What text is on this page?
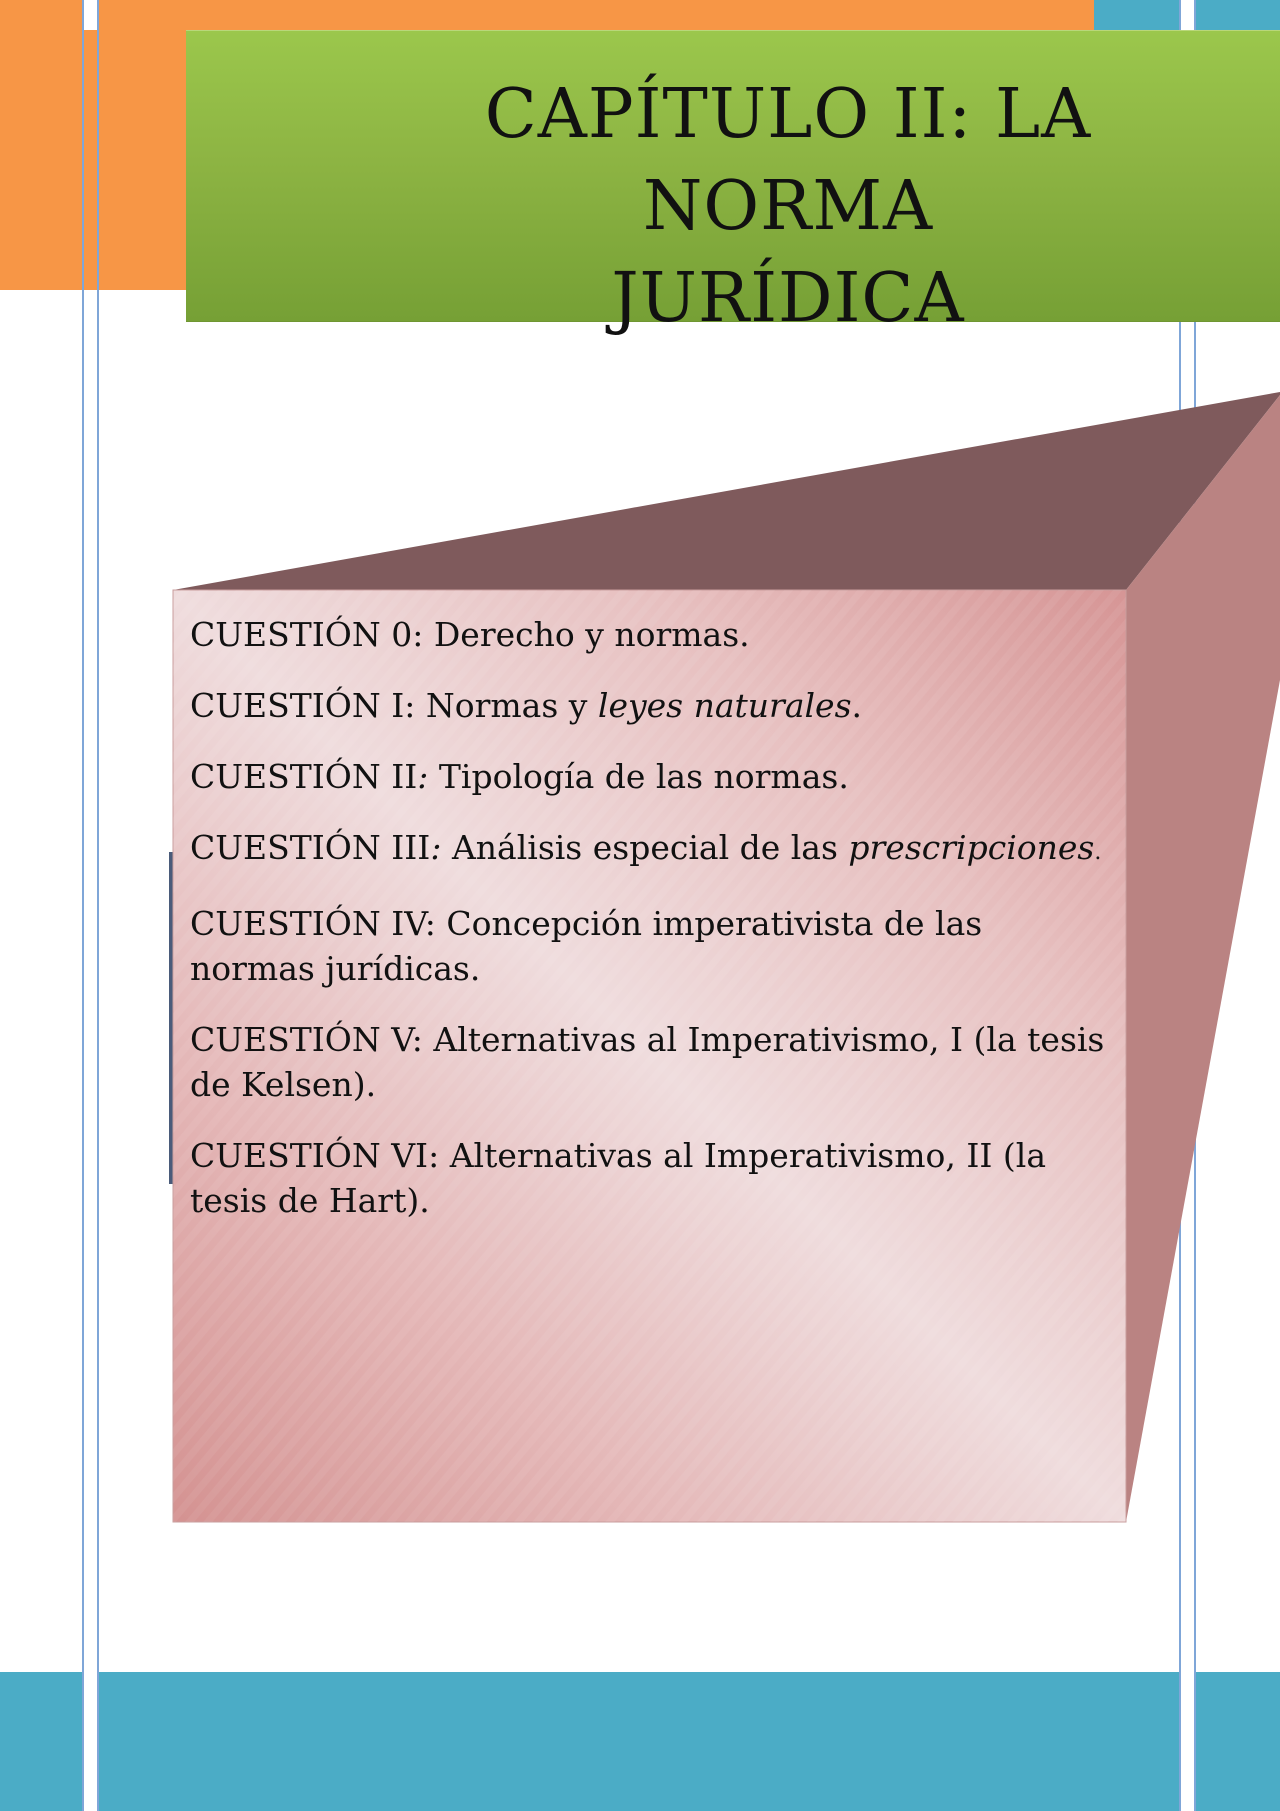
CAPÍTULO II: LA NORMA
JURÍDICA

CUESTIÓN 0: Derecho y normas.

CUESTIÓN I: Normas y leyes naturales.

CUESTIÓN II: Tipología de las normas.

CUESTIÓN III: Análisis especial de las prescripciones.

CUESTIÓN IV: Concepción imperativista de las normas jurídicas.

CUESTIÓN V: Alternativas al Imperativismo, I (la tesis de Kelsen).

CUESTIÓN VI: Alternativas al Imperativismo, II (la tesis de Hart).
